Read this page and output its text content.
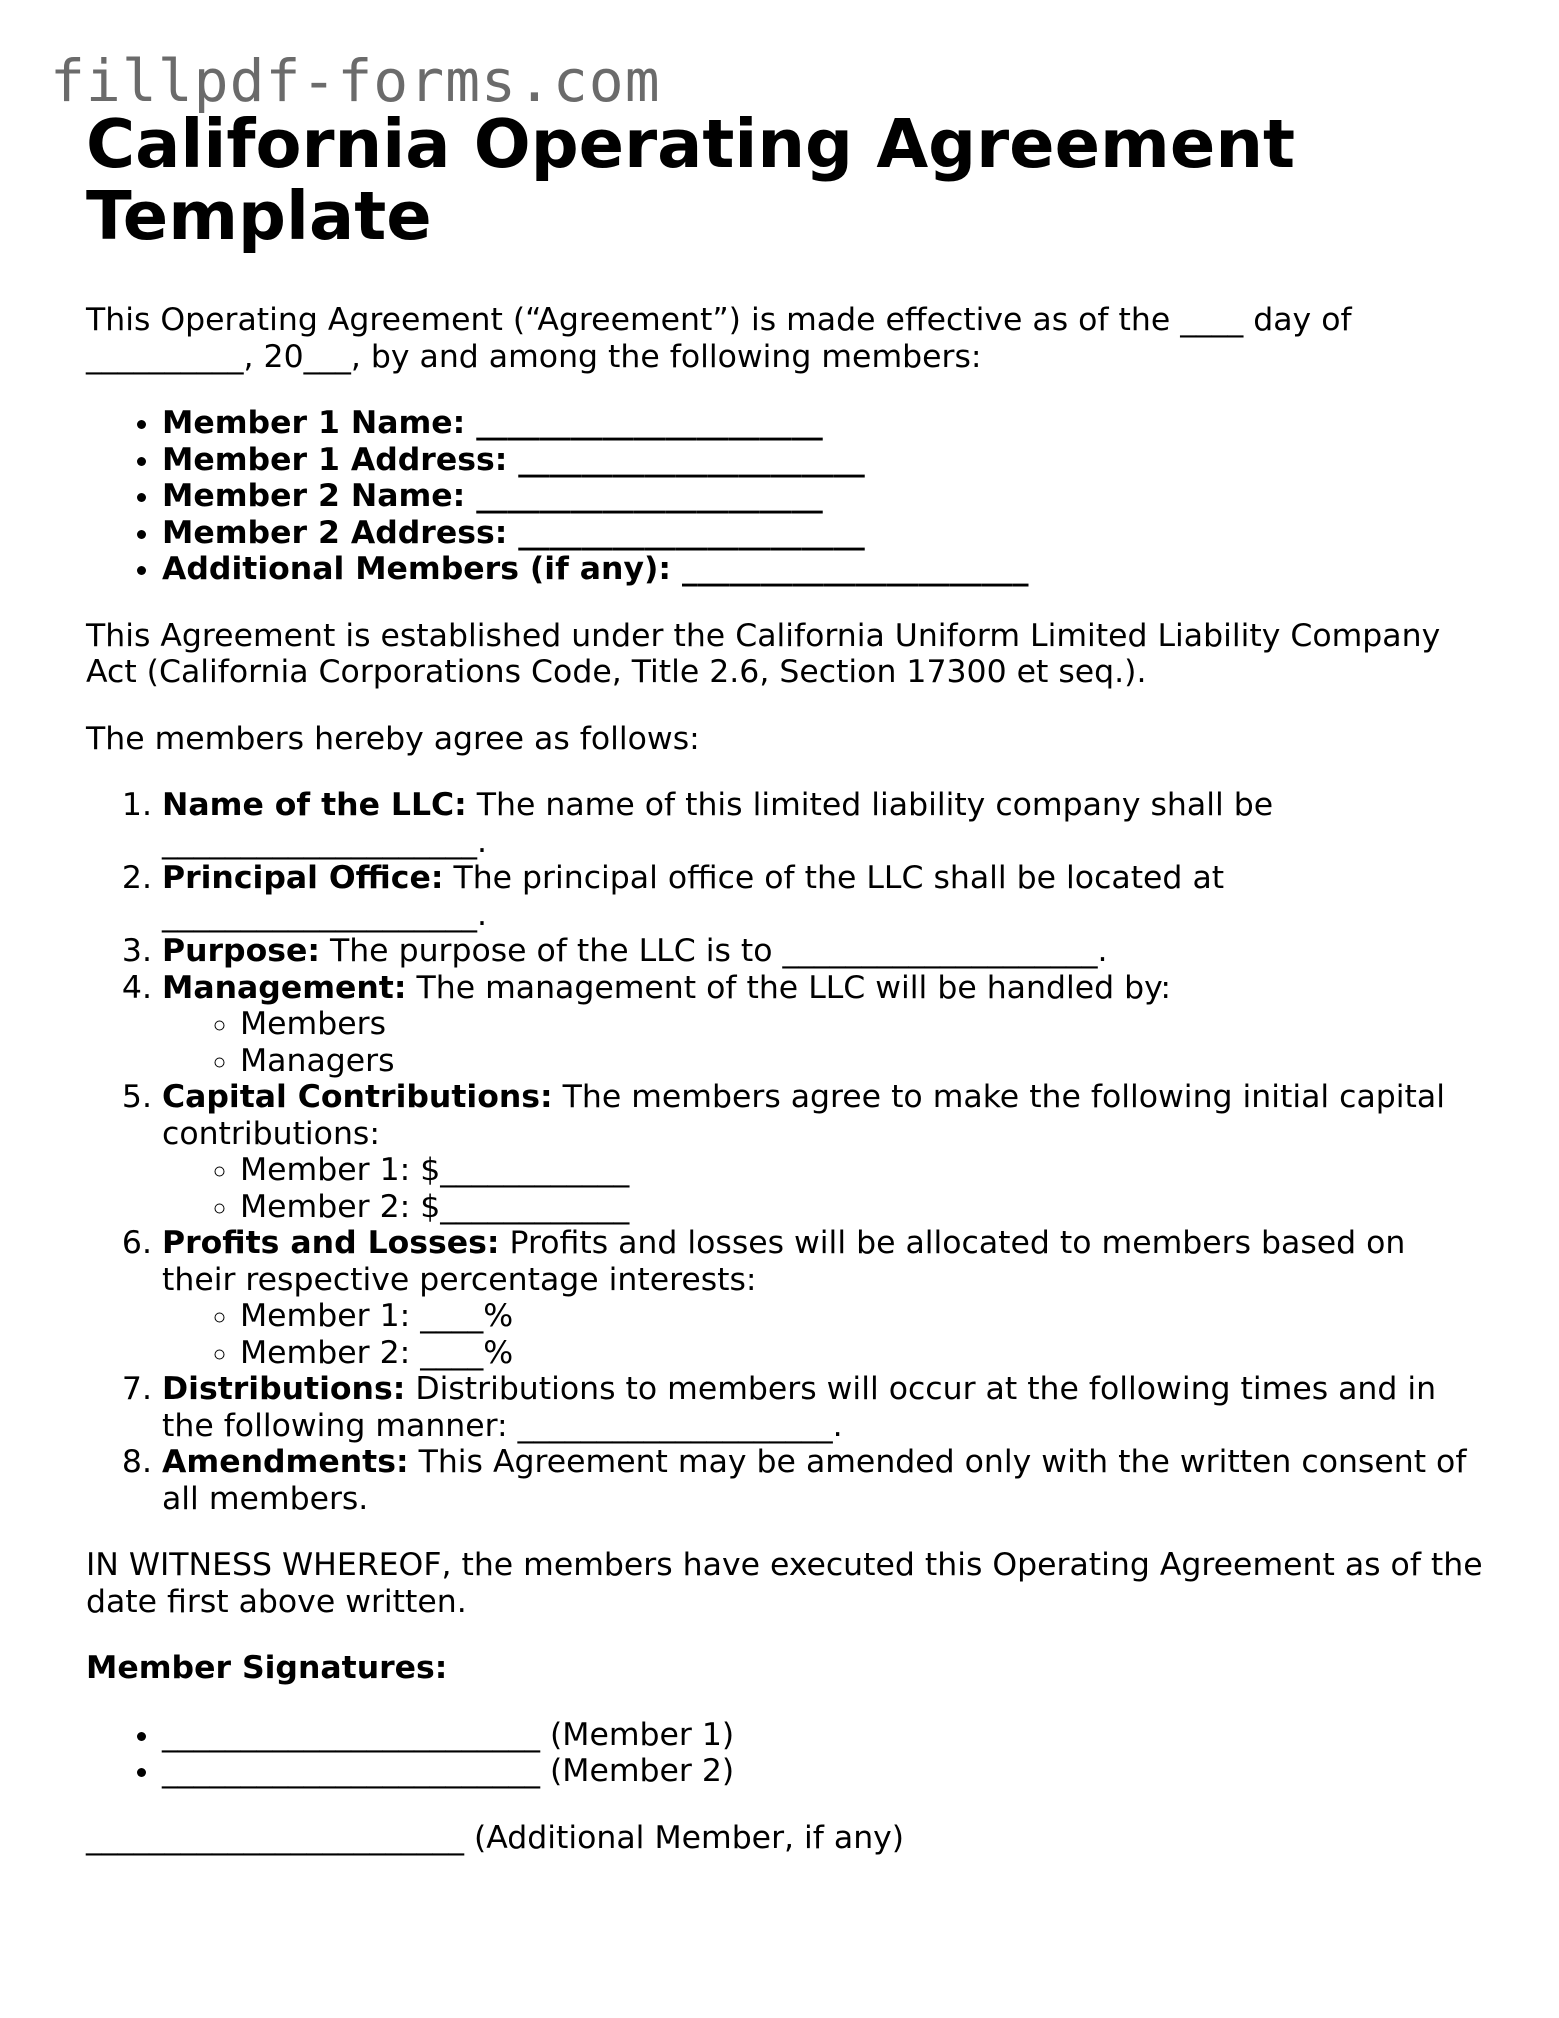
fillpdf-forms.com
California Operating Agreement Template

This Operating Agreement (“Agreement”) is made effective as of the ____ day of __________, 20___, by and among the following members:

• Member 1 Name: ______________________
• Member 1 Address: ______________________
• Member 2 Name: ______________________
• Member 2 Address: ______________________
• Additional Members (if any): ______________________

This Agreement is established under the California Uniform Limited Liability Company Act (California Corporations Code, Title 2.6, Section 17300 et seq.).

The members hereby agree as follows:

1. Name of the LLC: The name of this limited liability company shall be ____________________.
2. Principal Office: The principal office of the LLC shall be located at ____________________.
3. Purpose: The purpose of the LLC is to ____________________.
4. Management: The management of the LLC will be handled by:
◦ Members
◦ Managers
5. Capital Contributions: The members agree to make the following initial capital contributions:
◦ Member 1: $____________
◦ Member 2: $____________
6. Profits and Losses: Profits and losses will be allocated to members based on their respective percentage interests:
◦ Member 1: ____%
◦ Member 2: ____%
7. Distributions: Distributions to members will occur at the following times and in the following manner: ____________________.
8. Amendments: This Agreement may be amended only with the written consent of all members.

IN WITNESS WHEREOF, the members have executed this Operating Agreement as of the date first above written.

Member Signatures:

• ________________________ (Member 1)
• ________________________ (Member 2)

________________________ (Additional Member, if any)
